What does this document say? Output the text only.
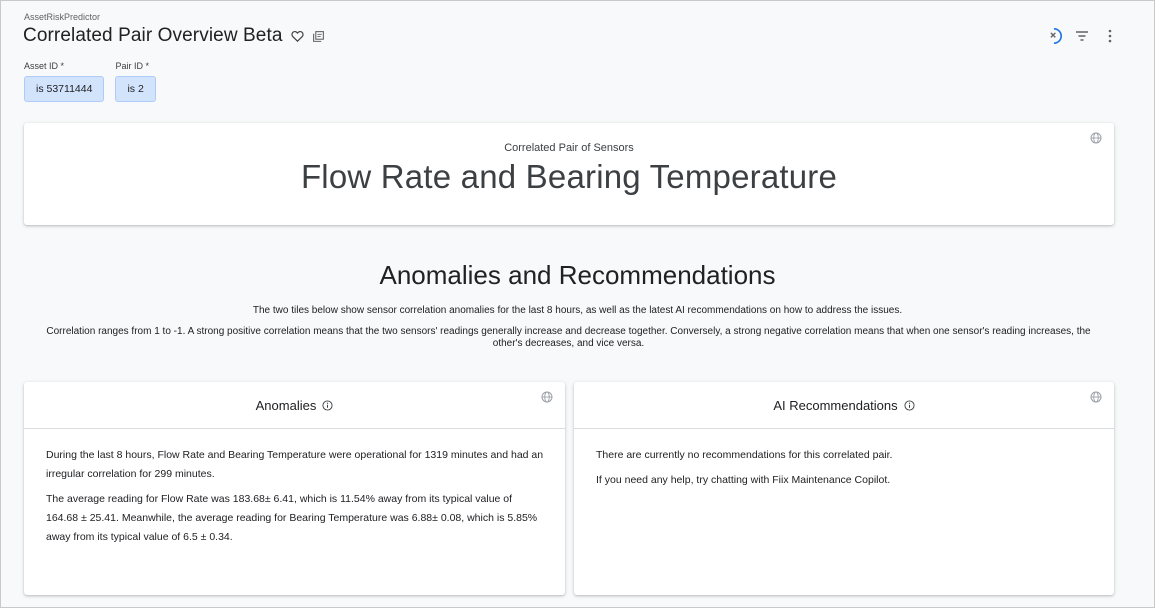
AssetRiskPredictor
Correlated Pair Overview Beta
Asset ID *
is 53711444
Pair ID *
is 2
Correlated Pair of Sensors
Flow Rate and Bearing Temperature
Anomalies and Recommendations
The two tiles below show sensor correlation anomalies for the last 8 hours, as well as the latest AI recommendations on how to address the issues.
Correlation ranges from 1 to -1. A strong positive correlation means that the two sensors' readings generally increase and decrease together. Conversely, a strong negative correlation means that when one sensor's reading increases, the other's decreases, and vice versa.
Anomalies

During the last 8 hours, Flow Rate and Bearing Temperature were operational for 1319 minutes and had an irregular correlation for 299 minutes.

The average reading for Flow Rate was 183.68± 6.41, which is 11.54% away from its typical value of 164.68 ± 25.41. Meanwhile, the average reading for Bearing Temperature was 6.88± 0.08, which is 5.85% away from its typical value of 6.5 ± 0.34.

AI Recommendations

There are currently no recommendations for this correlated pair.

If you need any help, try chatting with Fiix Maintenance Copilot.
